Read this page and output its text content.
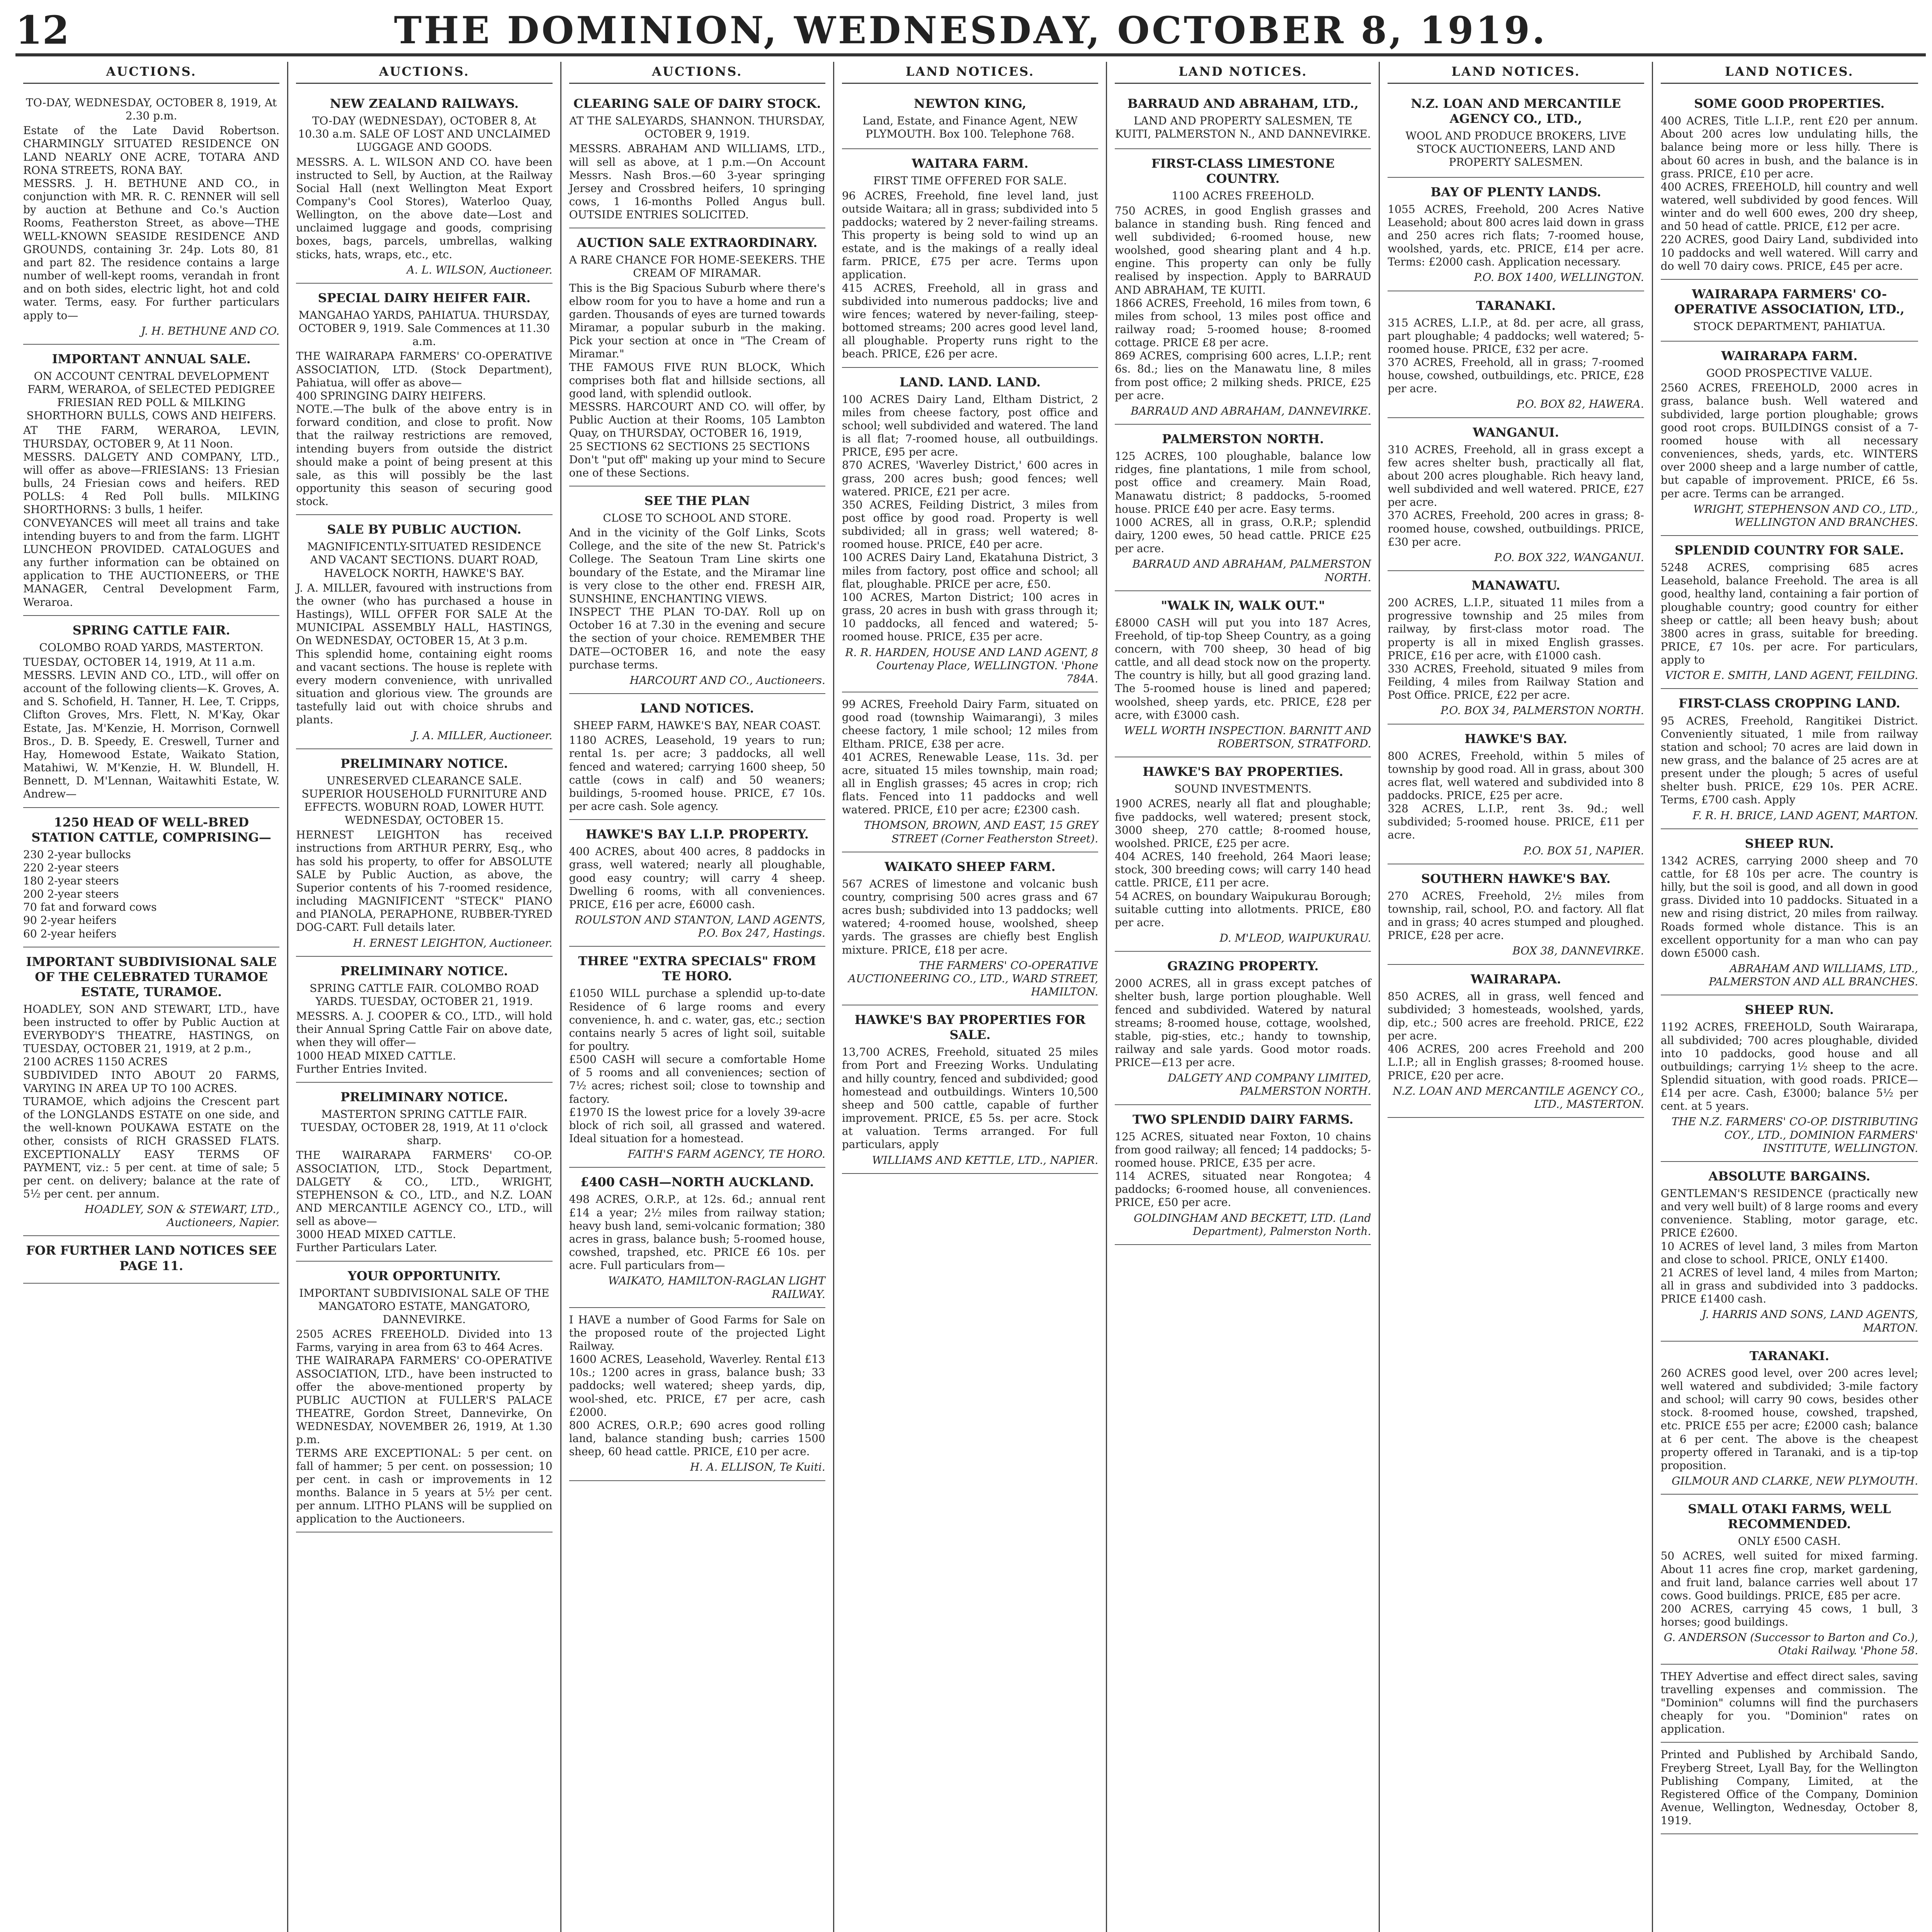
12	THE DOMINION, WEDNESDAY, OCTOBER 8, 1919.
AUCTIONS.
TO-DAY, WEDNESDAY, OCTOBER 8, 1919, At 2.30 p.m.
Estate of the Late David Robertson. CHARMINGLY SITUATED RESIDENCE ON LAND NEARLY ONE ACRE, TOTARA AND RONA STREETS, RONA BAY.
MESSRS. J. H. BETHUNE AND CO., in conjunction with MR. R. C. RENNER will sell by auction at Bethune and Co.'s Auction Rooms, Featherston Street, as above—THE WELL-KNOWN SEASIDE RESIDENCE AND GROUNDS, containing 3r. 24p. Lots 80, 81 and part 82. The residence contains a large number of well-kept rooms, verandah in front and on both sides, electric light, hot and cold water. Terms, easy. For further particulars apply to—
J. H. BETHUNE AND CO.
IMPORTANT ANNUAL SALE.
ON ACCOUNT CENTRAL DEVELOPMENT FARM, WERAROA, of SELECTED PEDIGREE FRIESIAN RED POLL & MILKING SHORTHORN BULLS, COWS AND HEIFERS.
AT THE FARM, WERAROA, LEVIN, THURSDAY, OCTOBER 9, At 11 Noon.
MESSRS. DALGETY AND COMPANY, LTD., will offer as above—FRIESIANS: 13 Friesian bulls, 24 Friesian cows and heifers. RED POLLS: 4 Red Poll bulls. MILKING SHORTHORNS: 3 bulls, 1 heifer.
CONVEYANCES will meet all trains and take intending buyers to and from the farm. LIGHT LUNCHEON PROVIDED. CATALOGUES and any further information can be obtained on application to THE AUCTIONEERS, or THE MANAGER, Central Development Farm, Weraroa.
SPRING CATTLE FAIR.
COLOMBO ROAD YARDS, MASTERTON.
TUESDAY, OCTOBER 14, 1919, At 11 a.m.
MESSRS. LEVIN AND CO., LTD., will offer on account of the following clients—K. Groves, A. and S. Schofield, H. Tanner, H. Lee, T. Cripps, Clifton Groves, Mrs. Flett, N. M'Kay, Okar Estate, Jas. M'Kenzie, H. Morrison, Cornwell Bros., D. B. Speedy, E. Creswell, Turner and Hay, Homewood Estate, Waikato Station, Matahiwi, W. M'Kenzie, H. W. Blundell, H. Bennett, D. M'Lennan, Waitawhiti Estate, W. Andrew—
1250 HEAD OF WELL-BRED STATION CATTLE, COMPRISING—
230 2-year bullocks
220 2-year steers
180 2-year steers
200 2-year steers
70 fat and forward cows
90 2-year heifers
60 2-year heifers
IMPORTANT SUBDIVISIONAL SALE OF THE CELEBRATED TURAMOE ESTATE, TURAMOE.
HOADLEY, SON AND STEWART, LTD., have been instructed to offer by Public Auction at EVERYBODY'S THEATRE, HASTINGS, on TUESDAY, OCTOBER 21, 1919, at 2 p.m.,
2100 ACRES 1150 ACRES
SUBDIVIDED INTO ABOUT 20 FARMS, VARYING IN AREA UP TO 100 ACRES.
TURAMOE, which adjoins the Crescent part of the LONGLANDS ESTATE on one side, and the well-known POUKAWA ESTATE on the other, consists of RICH GRASSED FLATS. EXCEPTIONALLY EASY TERMS OF PAYMENT, viz.: 5 per cent. at time of sale; 5 per cent. on delivery; balance at the rate of 5½ per cent. per annum.
HOADLEY, SON & STEWART, LTD., Auctioneers, Napier.
FOR FURTHER LAND NOTICES SEE PAGE 11.
AUCTIONS.
NEW ZEALAND RAILWAYS.
TO-DAY (WEDNESDAY), OCTOBER 8, At 10.30 a.m. SALE OF LOST AND UNCLAIMED LUGGAGE AND GOODS.
MESSRS. A. L. WILSON AND CO. have been instructed to Sell, by Auction, at the Railway Social Hall (next Wellington Meat Export Company's Cool Stores), Waterloo Quay, Wellington, on the above date—Lost and unclaimed luggage and goods, comprising boxes, bags, parcels, umbrellas, walking sticks, hats, wraps, etc., etc.
A. L. WILSON, Auctioneer.
SPECIAL DAIRY HEIFER FAIR.
MANGAHAO YARDS, PAHIATUA. THURSDAY, OCTOBER 9, 1919. Sale Commences at 11.30 a.m.
THE WAIRARAPA FARMERS' CO-OPERATIVE ASSOCIATION, LTD. (Stock Department), Pahiatua, will offer as above—
400 SPRINGING DAIRY HEIFERS.
NOTE.—The bulk of the above entry is in forward condition, and close to profit. Now that the railway restrictions are removed, intending buyers from outside the district should make a point of being present at this sale, as this will possibly be the last opportunity this season of securing good stock.
SALE BY PUBLIC AUCTION.
MAGNIFICENTLY-SITUATED RESIDENCE AND VACANT SECTIONS. DUART ROAD, HAVELOCK NORTH, HAWKE'S BAY.
J. A. MILLER, favoured with instructions from the owner (who has purchased a house in Hastings), WILL OFFER FOR SALE At the MUNICIPAL ASSEMBLY HALL, HASTINGS, On WEDNESDAY, OCTOBER 15, At 3 p.m.
This splendid home, containing eight rooms and vacant sections. The house is replete with every modern convenience, with unrivalled situation and glorious view. The grounds are tastefully laid out with choice shrubs and plants.
J. A. MILLER, Auctioneer.
PRELIMINARY NOTICE.
UNRESERVED CLEARANCE SALE. SUPERIOR HOUSEHOLD FURNITURE AND EFFECTS. WOBURN ROAD, LOWER HUTT. WEDNESDAY, OCTOBER 15.
HERNEST LEIGHTON has received instructions from ARTHUR PERRY, Esq., who has sold his property, to offer for ABSOLUTE SALE by Public Auction, as above, the Superior contents of his 7-roomed residence, including MAGNIFICENT "STECK" PIANO and PIANOLA, PERAPHONE, RUBBER-TYRED DOG-CART. Full details later.
H. ERNEST LEIGHTON, Auctioneer.
PRELIMINARY NOTICE.
SPRING CATTLE FAIR. COLOMBO ROAD YARDS. TUESDAY, OCTOBER 21, 1919.
MESSRS. A. J. COOPER & CO., LTD., will hold their Annual Spring Cattle Fair on above date, when they will offer—
1000 HEAD MIXED CATTLE.
Further Entries Invited.
PRELIMINARY NOTICE.
MASTERTON SPRING CATTLE FAIR. TUESDAY, OCTOBER 28, 1919, At 11 o'clock sharp.
THE WAIRARAPA FARMERS' CO-OP. ASSOCIATION, LTD., Stock Department, DALGETY & CO., LTD., WRIGHT, STEPHENSON & CO., LTD., and N.Z. LOAN AND MERCANTILE AGENCY CO., LTD., will sell as above—
3000 HEAD MIXED CATTLE.
Further Particulars Later.
YOUR OPPORTUNITY.
IMPORTANT SUBDIVISIONAL SALE OF THE MANGATORO ESTATE, MANGATORO, DANNEVIRKE.
2505 ACRES FREEHOLD. Divided into 13 Farms, varying in area from 63 to 464 Acres.
THE WAIRARAPA FARMERS' CO-OPERATIVE ASSOCIATION, LTD., have been instructed to offer the above-mentioned property by PUBLIC AUCTION at FULLER'S PALACE THEATRE, Gordon Street, Dannevirke, On WEDNESDAY, NOVEMBER 26, 1919, At 1.30 p.m.
TERMS ARE EXCEPTIONAL: 5 per cent. on fall of hammer; 5 per cent. on possession; 10 per cent. in cash or improvements in 12 months. Balance in 5 years at 5½ per cent. per annum. LITHO PLANS will be supplied on application to the Auctioneers.
AUCTIONS.
CLEARING SALE OF DAIRY STOCK.
AT THE SALEYARDS, SHANNON. THURSDAY, OCTOBER 9, 1919.
MESSRS. ABRAHAM AND WILLIAMS, LTD., will sell as above, at 1 p.m.—On Account Messrs. Nash Bros.—60 3-year springing Jersey and Crossbred heifers, 10 springing cows, 1 16-months Polled Angus bull. OUTSIDE ENTRIES SOLICITED.
AUCTION SALE EXTRAORDINARY.
A RARE CHANCE FOR HOME-SEEKERS. THE CREAM OF MIRAMAR.
This is the Big Spacious Suburb where there's elbow room for you to have a home and run a garden. Thousands of eyes are turned towards Miramar, a popular suburb in the making. Pick your section at once in "The Cream of Miramar."
THE FAMOUS FIVE RUN BLOCK, Which comprises both flat and hillside sections, all good land, with splendid outlook.
MESSRS. HARCOURT AND CO. will offer, by Public Auction at their Rooms, 105 Lambton Quay, on THURSDAY, OCTOBER 16, 1919,
25 SECTIONS 62 SECTIONS 25 SECTIONS
Don't "put off" making up your mind to Secure one of these Sections.
SEE THE PLAN
CLOSE TO SCHOOL AND STORE.
And in the vicinity of the Golf Links, Scots College, and the site of the new St. Patrick's College. The Seatoun Tram Line skirts one boundary of the Estate, and the Miramar line is very close to the other end. FRESH AIR, SUNSHINE, ENCHANTING VIEWS.
INSPECT THE PLAN TO-DAY. Roll up on October 16 at 7.30 in the evening and secure the section of your choice. REMEMBER THE DATE—OCTOBER 16, and note the easy purchase terms.
HARCOURT AND CO., Auctioneers.
LAND NOTICES.
SHEEP FARM, HAWKE'S BAY, NEAR COAST.
1180 ACRES, Leasehold, 19 years to run; rental 1s. per acre; 3 paddocks, all well fenced and watered; carrying 1600 sheep, 50 cattle (cows in calf) and 50 weaners; buildings, 5-roomed house. PRICE, £7 10s. per acre cash. Sole agency.
HAWKE'S BAY L.I.P. PROPERTY.
400 ACRES, about 400 acres, 8 paddocks in grass, well watered; nearly all ploughable, good easy country; will carry 4 sheep. Dwelling 6 rooms, with all conveniences. PRICE, £16 per acre, £6000 cash.
ROULSTON AND STANTON, LAND AGENTS, P.O. Box 247, Hastings.
THREE "EXTRA SPECIALS" FROM TE HORO.
£1050 WILL purchase a splendid up-to-date Residence of 6 large rooms and every convenience, h. and c. water, gas, etc.; section contains nearly 5 acres of light soil, suitable for poultry.
£500 CASH will secure a comfortable Home of 5 rooms and all conveniences; section of 7½ acres; richest soil; close to township and factory.
£1970 IS the lowest price for a lovely 39-acre block of rich soil, all grassed and watered. Ideal situation for a homestead.
FAITH'S FARM AGENCY, TE HORO.
£400 CASH—NORTH AUCKLAND.
498 ACRES, O.R.P., at 12s. 6d.; annual rent £14 a year; 2½ miles from railway station; heavy bush land, semi-volcanic formation; 380 acres in grass, balance bush; 5-roomed house, cowshed, trapshed, etc. PRICE £6 10s. per acre. Full particulars from—
WAIKATO, HAMILTON-RAGLAN LIGHT RAILWAY.
I HAVE a number of Good Farms for Sale on the proposed route of the projected Light Railway.
1600 ACRES, Leasehold, Waverley. Rental £13 10s.; 1200 acres in grass, balance bush; 33 paddocks; well watered; sheep yards, dip, wool-shed, etc. PRICE, £7 per acre, cash £2000.
800 ACRES, O.R.P.; 690 acres good rolling land, balance standing bush; carries 1500 sheep, 60 head cattle. PRICE, £10 per acre.
H. A. ELLISON, Te Kuiti.
LAND NOTICES.
NEWTON KING,
Land, Estate, and Finance Agent, NEW PLYMOUTH. Box 100. Telephone 768.
WAITARA FARM.
FIRST TIME OFFERED FOR SALE.
96 ACRES, Freehold, fine level land, just outside Waitara; all in grass; subdivided into 5 paddocks; watered by 2 never-failing streams. This property is being sold to wind up an estate, and is the makings of a really ideal farm. PRICE, £75 per acre. Terms upon application.
415 ACRES, Freehold, all in grass and subdivided into numerous paddocks; live and wire fences; watered by never-failing, steep-bottomed streams; 200 acres good level land, all ploughable. Property runs right to the beach. PRICE, £26 per acre.
LAND. LAND. LAND.
100 ACRES Dairy Land, Eltham District, 2 miles from cheese factory, post office and school; well subdivided and watered. The land is all flat; 7-roomed house, all outbuildings. PRICE, £95 per acre.
870 ACRES, 'Waverley District,' 600 acres in grass, 200 acres bush; good fences; well watered. PRICE, £21 per acre.
350 ACRES, Feilding District, 3 miles from post office by good road. Property is well subdivided; all in grass; well watered; 8-roomed house. PRICE, £40 per acre.
100 ACRES Dairy Land, Ekatahuna District, 3 miles from factory, post office and school; all flat, ploughable. PRICE per acre, £50.
100 ACRES, Marton District; 100 acres in grass, 20 acres in bush with grass through it; 10 paddocks, all fenced and watered; 5-roomed house. PRICE, £35 per acre.
R. R. HARDEN, HOUSE AND LAND AGENT, 8 Courtenay Place, WELLINGTON. 'Phone 784A.
99 ACRES, Freehold Dairy Farm, situated on good road (township Waimarangi), 3 miles cheese factory, 1 mile school; 12 miles from Eltham. PRICE, £38 per acre.
401 ACRES, Renewable Lease, 11s. 3d. per acre, situated 15 miles township, main road; all in English grasses; 45 acres in crop; rich flats. Fenced into 11 paddocks and well watered. PRICE, £10 per acre; £2300 cash.
THOMSON, BROWN, AND EAST, 15 GREY STREET (Corner Featherston Street).
WAIKATO SHEEP FARM.
567 ACRES of limestone and volcanic bush country, comprising 500 acres grass and 67 acres bush; subdivided into 13 paddocks; well watered; 4-roomed house, woolshed, sheep yards. The grasses are chiefly best English mixture. PRICE, £18 per acre.
THE FARMERS' CO-OPERATIVE AUCTIONEERING CO., LTD., WARD STREET, HAMILTON.
HAWKE'S BAY PROPERTIES FOR SALE.
13,700 ACRES, Freehold, situated 25 miles from Port and Freezing Works. Undulating and hilly country, fenced and subdivided; good homestead and outbuildings. Winters 10,500 sheep and 500 cattle, capable of further improvement. PRICE, £5 5s. per acre. Stock at valuation. Terms arranged. For full particulars, apply
WILLIAMS AND KETTLE, LTD., NAPIER.
LAND NOTICES.
BARRAUD AND ABRAHAM, LTD.,
LAND AND PROPERTY SALESMEN, TE KUITI, PALMERSTON N., AND DANNEVIRKE.
FIRST-CLASS LIMESTONE COUNTRY.
1100 ACRES FREEHOLD.
750 ACRES, in good English grasses and balance in standing bush. Ring fenced and well subdivided; 6-roomed house, new woolshed, good shearing plant and 4 h.p. engine. This property can only be fully realised by inspection. Apply to BARRAUD AND ABRAHAM, TE KUITI.
1866 ACRES, Freehold, 16 miles from town, 6 miles from school, 13 miles post office and railway road; 5-roomed house; 8-roomed cottage. PRICE £8 per acre.
869 ACRES, comprising 600 acres, L.I.P.; rent 6s. 8d.; lies on the Manawatu line, 8 miles from post office; 2 milking sheds. PRICE, £25 per acre.
BARRAUD AND ABRAHAM, DANNEVIRKE.
PALMERSTON NORTH.
125 ACRES, 100 ploughable, balance low ridges, fine plantations, 1 mile from school, post office and creamery. Main Road, Manawatu district; 8 paddocks, 5-roomed house. PRICE £40 per acre. Easy terms.
1000 ACRES, all in grass, O.R.P.; splendid dairy, 1200 ewes, 50 head cattle. PRICE £25 per acre.
BARRAUD AND ABRAHAM, PALMERSTON NORTH.
"WALK IN, WALK OUT."
£8000 CASH will put you into 187 Acres, Freehold, of tip-top Sheep Country, as a going concern, with 700 sheep, 30 head of big cattle, and all dead stock now on the property. The country is hilly, but all good grazing land. The 5-roomed house is lined and papered; woolshed, sheep yards, etc. PRICE, £28 per acre, with £3000 cash.
WELL WORTH INSPECTION. BARNITT AND ROBERTSON, STRATFORD.
HAWKE'S BAY PROPERTIES.
SOUND INVESTMENTS.
1900 ACRES, nearly all flat and ploughable; five paddocks, well watered; present stock, 3000 sheep, 270 cattle; 8-roomed house, woolshed. PRICE, £25 per acre.
404 ACRES, 140 freehold, 264 Maori lease; stock, 300 breeding cows; will carry 140 head cattle. PRICE, £11 per acre.
54 ACRES, on boundary Waipukurau Borough; suitable cutting into allotments. PRICE, £80 per acre.
D. M'LEOD, WAIPUKURAU.
GRAZING PROPERTY.
2000 ACRES, all in grass except patches of shelter bush, large portion ploughable. Well fenced and subdivided. Watered by natural streams; 8-roomed house, cottage, woolshed, stable, pig-sties, etc.; handy to township, railway and sale yards. Good motor roads. PRICE—£13 per acre.
DALGETY AND COMPANY LIMITED, PALMERSTON NORTH.
TWO SPLENDID DAIRY FARMS.
125 ACRES, situated near Foxton, 10 chains from good railway; all fenced; 14 paddocks; 5-roomed house. PRICE, £35 per acre.
114 ACRES, situated near Rongotea; 4 paddocks; 6-roomed house, all conveniences. PRICE, £50 per acre.
GOLDINGHAM AND BECKETT, LTD. (Land Department), Palmerston North.
LAND NOTICES.
N.Z. LOAN AND MERCANTILE AGENCY CO., LTD.,
WOOL AND PRODUCE BROKERS, LIVE STOCK AUCTIONEERS, LAND AND PROPERTY SALESMEN.
BAY OF PLENTY LANDS.
1055 ACRES, Freehold, 200 Acres Native Leasehold; about 800 acres laid down in grass and 250 acres rich flats; 7-roomed house, woolshed, yards, etc. PRICE, £14 per acre. Terms: £2000 cash. Application necessary.
P.O. BOX 1400, WELLINGTON.
TARANAKI.
315 ACRES, L.I.P., at 8d. per acre, all grass, part ploughable; 4 paddocks; well watered; 5-roomed house. PRICE, £32 per acre.
370 ACRES, Freehold, all in grass; 7-roomed house, cowshed, outbuildings, etc. PRICE, £28 per acre.
P.O. BOX 82, HAWERA.
WANGANUI.
310 ACRES, Freehold, all in grass except a few acres shelter bush, practically all flat, about 200 acres ploughable. Rich heavy land, well subdivided and well watered. PRICE, £27 per acre.
370 ACRES, Freehold, 200 acres in grass; 8-roomed house, cowshed, outbuildings. PRICE, £30 per acre.
P.O. BOX 322, WANGANUI.
MANAWATU.
200 ACRES, L.I.P., situated 11 miles from a progressive township and 25 miles from railway, by first-class motor road. The property is all in mixed English grasses. PRICE, £16 per acre, with £1000 cash.
330 ACRES, Freehold, situated 9 miles from Feilding, 4 miles from Railway Station and Post Office. PRICE, £22 per acre.
P.O. BOX 34, PALMERSTON NORTH.
HAWKE'S BAY.
800 ACRES, Freehold, within 5 miles of township by good road. All in grass, about 300 acres flat, well watered and subdivided into 8 paddocks. PRICE, £25 per acre.
328 ACRES, L.I.P., rent 3s. 9d.; well subdivided; 5-roomed house. PRICE, £11 per acre.
P.O. BOX 51, NAPIER.
SOUTHERN HAWKE'S BAY.
270 ACRES, Freehold, 2½ miles from township, rail, school, P.O. and factory. All flat and in grass; 40 acres stumped and ploughed. PRICE, £28 per acre.
BOX 38, DANNEVIRKE.
WAIRARAPA.
850 ACRES, all in grass, well fenced and subdivided; 3 homesteads, woolshed, yards, dip, etc.; 500 acres are freehold. PRICE, £22 per acre.
406 ACRES, 200 acres Freehold and 200 L.I.P.; all in English grasses; 8-roomed house. PRICE, £20 per acre.
N.Z. LOAN AND MERCANTILE AGENCY CO., LTD., MASTERTON.
LAND NOTICES.
SOME GOOD PROPERTIES.
400 ACRES, Title L.I.P., rent £20 per annum. About 200 acres low undulating hills, the balance being more or less hilly. There is about 60 acres in bush, and the balance is in grass. PRICE, £10 per acre.
400 ACRES, FREEHOLD, hill country and well watered, well subdivided by good fences. Will winter and do well 600 ewes, 200 dry sheep, and 50 head of cattle. PRICE, £12 per acre.
220 ACRES, good Dairy Land, subdivided into 10 paddocks and well watered. Will carry and do well 70 dairy cows. PRICE, £45 per acre.
WAIRARAPA FARMERS' CO-OPERATIVE ASSOCIATION, LTD.,
STOCK DEPARTMENT, PAHIATUA.
WAIRARAPA FARM.
GOOD PROSPECTIVE VALUE.
2560 ACRES, FREEHOLD, 2000 acres in grass, balance bush. Well watered and subdivided, large portion ploughable; grows good root crops. BUILDINGS consist of a 7-roomed house with all necessary conveniences, sheds, yards, etc. WINTERS over 2000 sheep and a large number of cattle, but capable of improvement. PRICE, £6 5s. per acre. Terms can be arranged.
WRIGHT, STEPHENSON AND CO., LTD., WELLINGTON AND BRANCHES.
SPLENDID COUNTRY FOR SALE.
5248 ACRES, comprising 685 acres Leasehold, balance Freehold. The area is all good, healthy land, containing a fair portion of ploughable country; good country for either sheep or cattle; all been heavy bush; about 3800 acres in grass, suitable for breeding. PRICE, £7 10s. per acre. For particulars, apply to
VICTOR E. SMITH, LAND AGENT, FEILDING.
FIRST-CLASS CROPPING LAND.
95 ACRES, Freehold, Rangitikei District. Conveniently situated, 1 mile from railway station and school; 70 acres are laid down in new grass, and the balance of 25 acres are at present under the plough; 5 acres of useful shelter bush. PRICE, £29 10s. PER ACRE. Terms, £700 cash. Apply
F. R. H. BRICE, LAND AGENT, MARTON.
SHEEP RUN.
1342 ACRES, carrying 2000 sheep and 70 cattle, for £8 10s per acre. The country is hilly, but the soil is good, and all down in good grass. Divided into 10 paddocks. Situated in a new and rising district, 20 miles from railway. Roads formed whole distance. This is an excellent opportunity for a man who can pay down £5000 cash.
ABRAHAM AND WILLIAMS, LTD., PALMERSTON AND ALL BRANCHES.
SHEEP RUN.
1192 ACRES, FREEHOLD, South Wairarapa, all subdivided; 700 acres ploughable, divided into 10 paddocks, good house and all outbuildings; carrying 1½ sheep to the acre. Splendid situation, with good roads. PRICE—£14 per acre. Cash, £3000; balance 5½ per cent. at 5 years.
THE N.Z. FARMERS' CO-OP. DISTRIBUTING COY., LTD., DOMINION FARMERS' INSTITUTE, WELLINGTON.
ABSOLUTE BARGAINS.
GENTLEMAN'S RESIDENCE (practically new and very well built) of 8 large rooms and every convenience. Stabling, motor garage, etc. PRICE £2600.
10 ACRES of level land, 3 miles from Marton and close to school. PRICE, ONLY £1400.
21 ACRES of level land, 4 miles from Marton; all in grass and subdivided into 3 paddocks. PRICE £1400 cash.
J. HARRIS AND SONS, LAND AGENTS, MARTON.
TARANAKI.
260 ACRES good level, over 200 acres level; well watered and subdivided; 3-mile factory and school; will carry 90 cows, besides other stock. 8-roomed house, cowshed, trapshed, etc. PRICE £55 per acre; £2000 cash; balance at 6 per cent. The above is the cheapest property offered in Taranaki, and is a tip-top proposition.
GILMOUR AND CLARKE, NEW PLYMOUTH.
SMALL OTAKI FARMS, WELL RECOMMENDED.
ONLY £500 CASH.
50 ACRES, well suited for mixed farming. About 11 acres fine crop, market gardening, and fruit land, balance carries well about 17 cows. Good buildings. PRICE, £85 per acre.
200 ACRES, carrying 45 cows, 1 bull, 3 horses; good buildings.
G. ANDERSON (Successor to Barton and Co.), Otaki Railway. 'Phone 58.
THEY Advertise and effect direct sales, saving travelling expenses and commission. The "Dominion" columns will find the purchasers cheaply for you. "Dominion" rates on application.
Printed and Published by Archibald Sando, Freyberg Street, Lyall Bay, for the Wellington Publishing Company, Limited, at the Registered Office of the Company, Dominion Avenue, Wellington, Wednesday, October 8, 1919.
